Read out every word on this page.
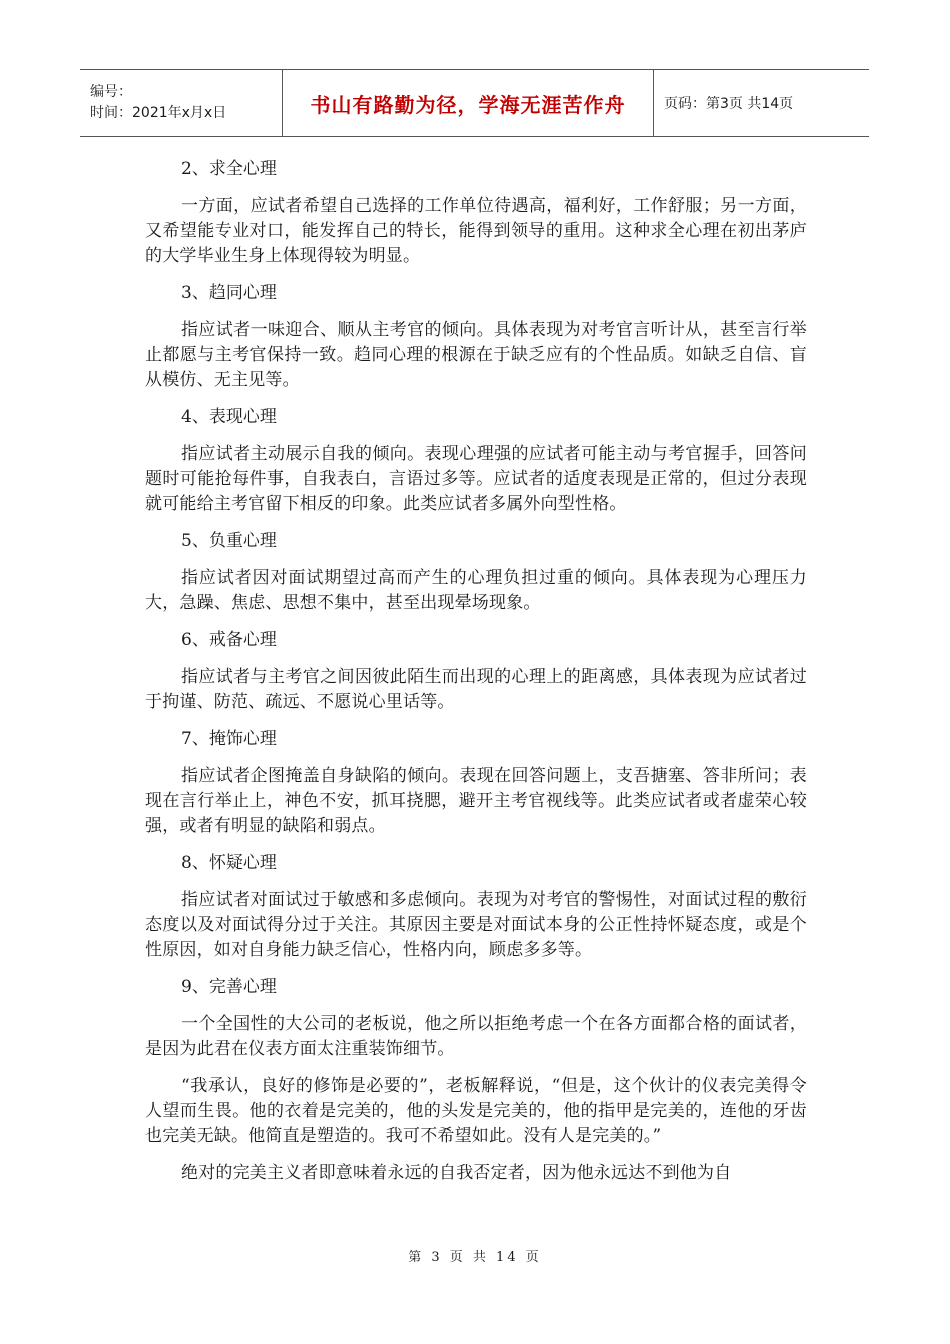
编号：
时间：2021年x月x日	书山有路勤为径，学海无涯苦作舟	页码：第3页 共14页

2、求全心理

一方面，应试者希望自己选择的工作单位待遇高，福利好，工作舒服；另一方面，又希望能专业对口，能发挥自己的特长，能得到领导的重用。这种求全心理在初出茅庐的大学毕业生身上体现得较为明显。

3、趋同心理

指应试者一味迎合、顺从主考官的倾向。具体表现为对考官言听计从，甚至言行举止都愿与主考官保持一致。趋同心理的根源在于缺乏应有的个性品质。如缺乏自信、盲从模仿、无主见等。

4、表现心理

指应试者主动展示自我的倾向。表现心理强的应试者可能主动与考官握手，回答问题时可能抢每件事，自我表白，言语过多等。应试者的适度表现是正常的，但过分表现就可能给主考官留下相反的印象。此类应试者多属外向型性格。

5、负重心理

指应试者因对面试期望过高而产生的心理负担过重的倾向。具体表现为心理压力大，急躁、焦虑、思想不集中，甚至出现晕场现象。

6、戒备心理

指应试者与主考官之间因彼此陌生而出现的心理上的距离感，具体表现为应试者过于拘谨、防范、疏远、不愿说心里话等。

7、掩饰心理

指应试者企图掩盖自身缺陷的倾向。表现在回答问题上，支吾搪塞、答非所问；表现在言行举止上，神色不安，抓耳挠腮，避开主考官视线等。此类应试者或者虚荣心较强，或者有明显的缺陷和弱点。

8、怀疑心理

指应试者对面试过于敏感和多虑倾向。表现为对考官的警惕性，对面试过程的敷衍态度以及对面试得分过于关注。其原因主要是对面试本身的公正性持怀疑态度，或是个性原因，如对自身能力缺乏信心，性格内向，顾虑多多等。

9、完善心理

一个全国性的大公司的老板说，他之所以拒绝考虑一个在各方面都合格的面试者，是因为此君在仪表方面太注重装饰细节。

“我承认，良好的修饰是必要的”，老板解释说，“但是，这个伙计的仪表完美得令人望而生畏。他的衣着是完美的，他的头发是完美的，他的指甲是完美的，连他的牙齿也完美无缺。他简直是塑造的。我可不希望如此。没有人是完美的。”

绝对的完美主义者即意味着永远的自我否定者，因为他永远达不到他为自

第 3 页 共 14 页
